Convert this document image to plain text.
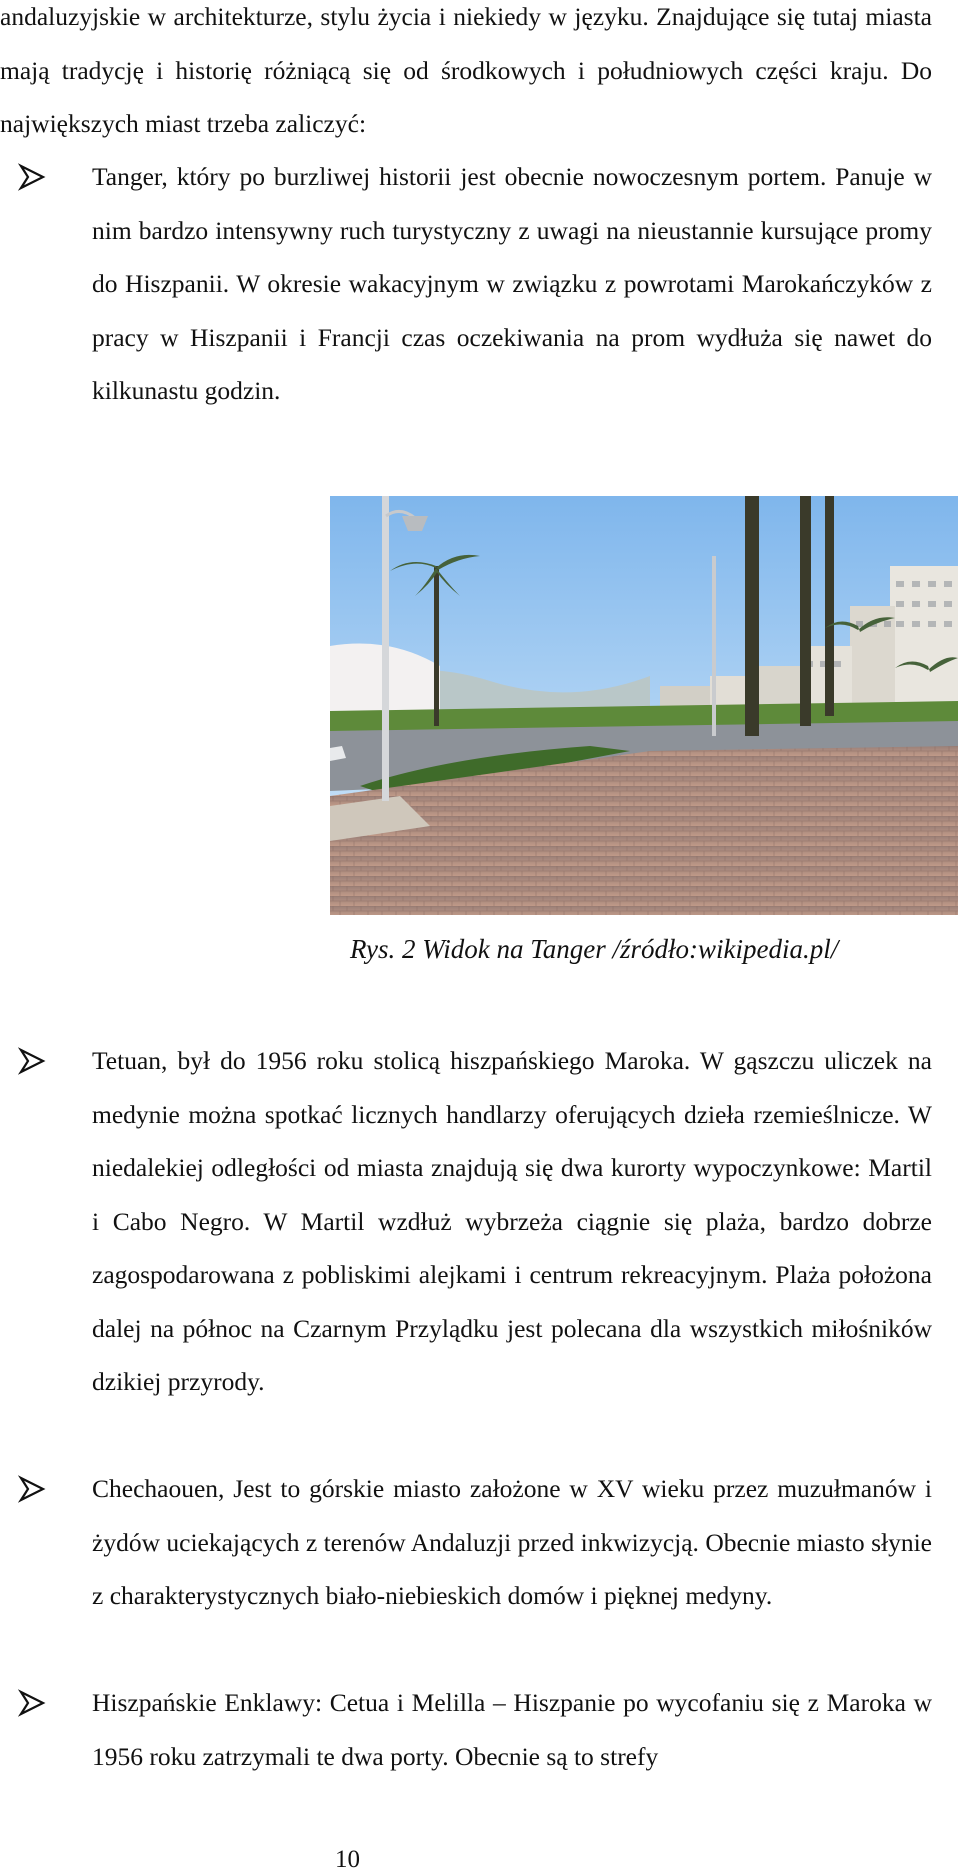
andaluzyjskie w architekturze, stylu życia i niekiedy w języku. Znajdujące się tutaj miasta mają tradycję i historię różniącą się od środkowych i południowych części kraju. Do największych miast trzeba zaliczyć:

Tanger, który po burzliwej historii jest obecnie nowoczesnym portem. Panuje w nim bardzo intensywny ruch turystyczny z uwagi na nieustannie kursujące promy do Hiszpanii. W okresie wakacyjnym w związku z powrotami Marokańczyków z pracy w Hiszpanii i Francji czas oczekiwania na prom wydłuża się nawet do kilkunastu godzin.

Rys. 2 Widok na Tanger /źródło:wikipedia.pl/

Tetuan, był do 1956 roku stolicą hiszpańskiego Maroka. W gąszczu uliczek na medynie można spotkać licznych handlarzy oferujących dzieła rzemieślnicze. W niedalekiej odległości od miasta znajdują się dwa kurorty wypoczynkowe: Martil i Cabo Negro. W Martil wzdłuż wybrzeża ciągnie się plaża, bardzo dobrze zagospodarowana z pobliskimi alejkami i centrum rekreacyjnym. Plaża położona dalej na północ na Czarnym Przylądku jest polecana dla wszystkich miłośników dzikiej przyrody.

Chechaouen, Jest to górskie miasto założone w XV wieku przez muzułmanów i żydów uciekających z terenów Andaluzji przed inkwizycją. Obecnie miasto słynie z charakterystycznych biało-niebieskich domów i pięknej medyny.

Hiszpańskie Enklawy: Cetua i Melilla – Hiszpanie po wycofaniu się z Maroka w 1956 roku zatrzymali te dwa porty. Obecnie są to strefy

10
